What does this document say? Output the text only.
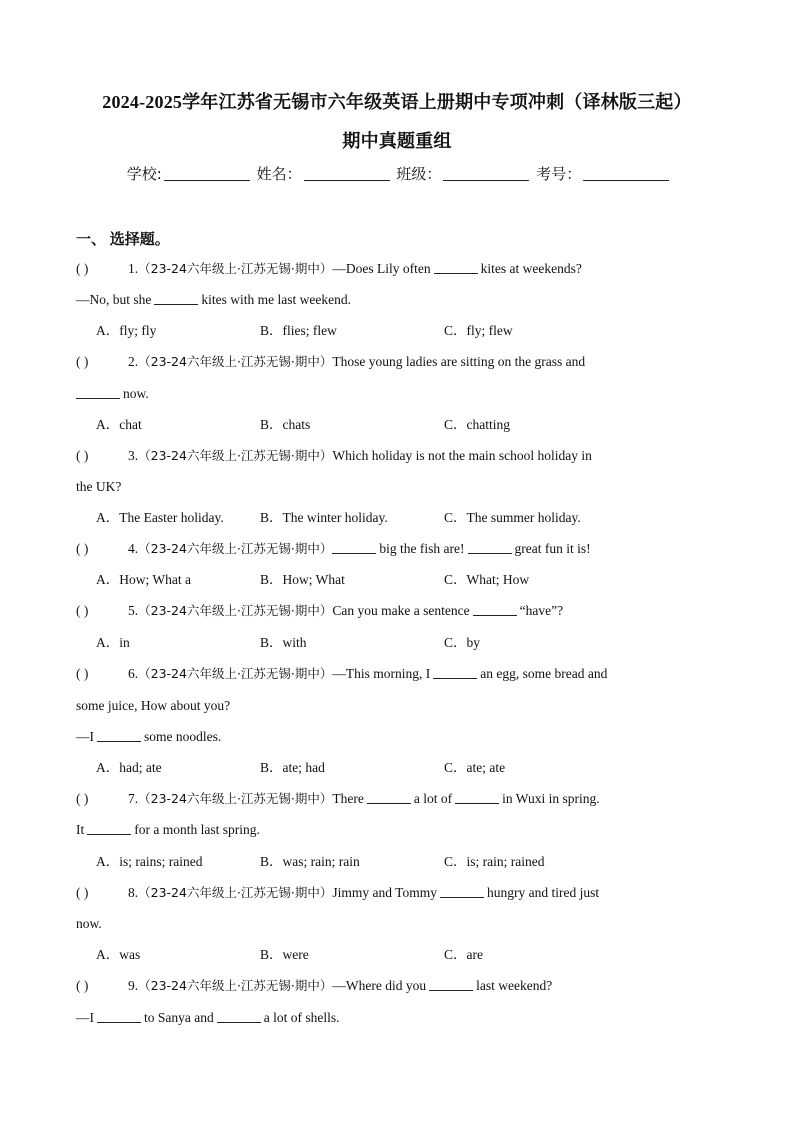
2024-2025学年江苏省无锡市六年级英语上册期中专项冲刺（译林版三起）
期中真题重组
学校:	姓名：	班级：	考号：
一、 选择题。
( )	1.（23-24六年级上·江苏无锡·期中）—Does Lily often	kites at weekends?
—No, but she	kites with me last weekend.
A．fly; fly	B．flies; flew	C．fly; flew
( )	2.（23-24六年级上·江苏无锡·期中）Those young ladies are sitting on the grass and
now.
A．chat	B．chats	C．chatting
( )	3.（23-24六年级上·江苏无锡·期中）Which holiday is not the main school holiday in
the UK?
A．The Easter holiday.	B．The winter holiday.	C．The summer holiday.
( )	4.（23-24六年级上·江苏无锡·期中）	big the fish are!	great fun it is!
A．How; What a	B．How; What	C．What; How
( )	5.（23-24六年级上·江苏无锡·期中）Can you make a sentence	“have”?
A．in	B．with	C．by
( )	6.（23-24六年级上·江苏无锡·期中）—This morning, I	an egg, some bread and
some juice, How about you?
—I	some noodles.
A．had; ate	B．ate; had	C．ate; ate
( )	7.（23-24六年级上·江苏无锡·期中）There	a lot of	in Wuxi in spring.
It	for a month last spring.
A．is; rains; rained	B．was; rain; rain	C．is; rain; rained
( )	8.（23-24六年级上·江苏无锡·期中）Jimmy and Tommy	hungry and tired just
now.
A．was	B．were	C．are
( )	9.（23-24六年级上·江苏无锡·期中）—Where did you	last weekend?
—I	to Sanya and	a lot of shells.
